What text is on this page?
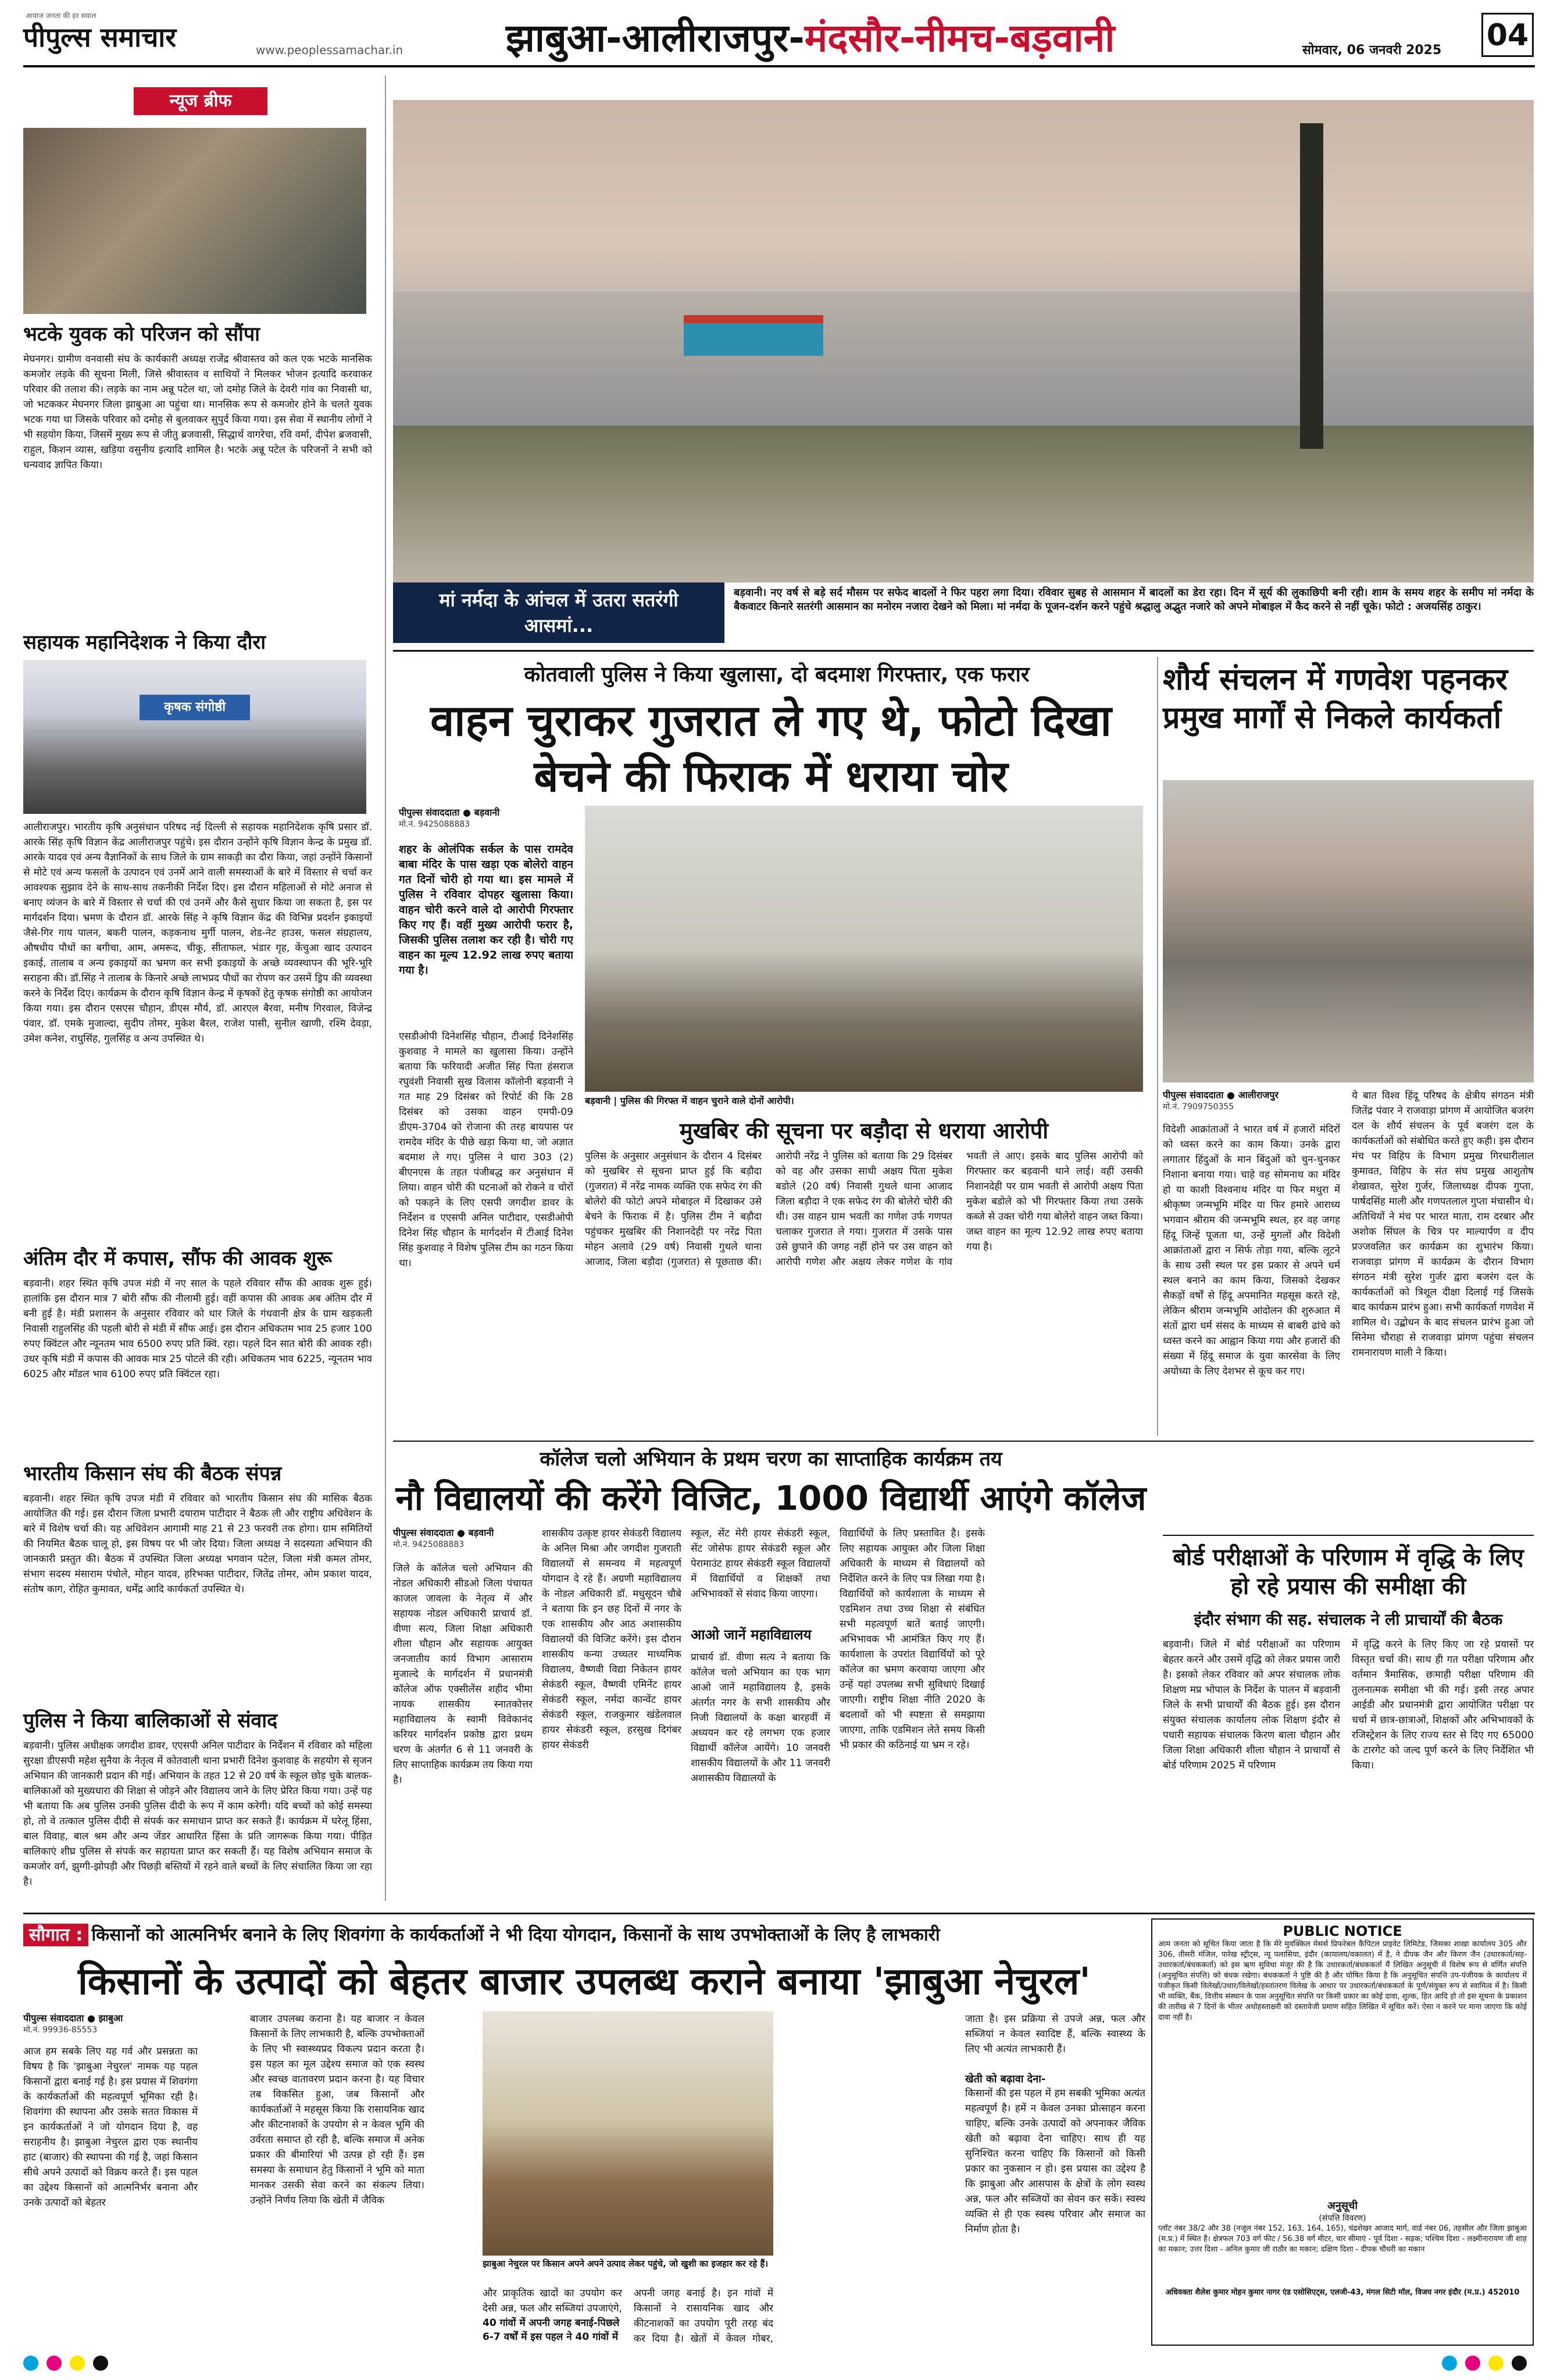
आवाज जनता की हर सवाल
पीपुल्स समाचार	www.peoplessamachar.in	झाबुआ-आलीराजपुर-मंदसौर-नीमच-बड़वानी	सोमवार, 06 जनवरी 2025 04
न्यूज ब्रीफ
भटके युवक को परिजन को सौंपा
मेघनगर। ग्रामीण वनवासी संघ के कार्यकारी अध्यक्ष राजेंद्र श्रीवास्तव को कल एक भटके मानसिक कमजोर लड़के की सूचना मिली, जिसे श्रीवास्तव व साथियों ने मिलकर भोजन इत्यादि करवाकर परिवार की तलाश की। लड़के का नाम अन्नू पटेल था, जो दमोह जिले के देवरी गांव का निवासी था, जो भटककर मेघनगर जिला झाबुआ आ पहुंचा था। मानसिक रूप से कमजोर होने के चलते युवक भटक गया था जिसके परिवार को दमोह से बुलवाकर सुपुर्द किया गया। इस सेवा में स्थानीय लोगों ने भी सहयोग किया, जिसमें मुख्य रूप से जीतु ब्रजवासी, सिद्धार्थ वागरेचा, रवि वर्मा, दीपेश ब्रजवासी, राहुल, किशन व्यास, खड़िया वसुनीय इत्यादि शामिल है। भटके अन्नू पटेल के परिजनों ने सभी को धन्यवाद ज्ञापित किया।
सहायक महानिदेशक ने किया दौरा
कृषक संगोष्ठी
आलीराजपुर। भारतीय कृषि अनुसंधान परिषद नई दिल्ली से सहायक महानिदेशक कृषि प्रसार डॉ. आरके सिंह कृषि विज्ञान केंद्र आलीराजपुर पहुंचे। इस दौरान उन्होंने कृषि विज्ञान केन्द्र के प्रमुख डॉ. आरके यादव एवं अन्य वैज्ञानिकों के साथ जिले के ग्राम साकड़ी का दौरा किया, जहां उन्होंने किसानों से मोटे एवं अन्य फसलों के उत्पादन एवं उनमें आने वाली समस्याओं के बारे में विस्तार से चर्चा कर आवश्यक सुझाव देने के साथ-साथ तकनीकी निर्देश दिए। इस दौरान महिलाओं से मोटे अनाज से बनाए व्यंजन के बारे में विस्तार से चर्चा की एवं उनमें और कैसे सुधार किया जा सकता है, इस पर मार्गदर्शन दिया। भ्रमण के दौरान डॉ. आरके सिंह ने कृषि विज्ञान केंद्र की विभिन्न प्रदर्शन इकाइयों जैसे-गिर गाय पालन, बकरी पालन, कड़कनाथ मुर्गी पालन, शेड-नेट हाउस, फसल संग्रहालय, औषधीय पौधों का बगीचा, आम, अमरूद, चीकू, सीताफल, भंडार गृह, केंचुआ खाद उत्पादन इकाई, तालाब व अन्य इकाइयों का भ्रमण कर सभी इकाइयों के अच्छे व्यवस्थापन की भूरि-भूरि सराहना की। डॉ.सिंह ने तालाब के किनारे अच्छे लाभप्रद पौधों का रोपण कर उसमें ड्रिप की व्यवस्था करने के निर्देश दिए। कार्यक्रम के दौरान कृषि विज्ञान केन्द्र में कृषकों हेतु कृषक संगोष्ठी का आयोजन किया गया। इस दौरान एसएस चौहान, डीएस मौर्य, डॉ. आरएल बैरवा, मनीष गिरवाल, विजेन्द्र पंवार, डॉ. एमके मुजाल्दा, सुदीप तोमर, मुकेश बैरल, राजेश पासी, सुनील खाणी, रश्मि देवड़ा, उमेश कनेश, राधुसिंह, गुलसिंह व अन्य उपस्थित थे।
अंतिम दौर में कपास, सौंफ की आवक शुरू
बड़वानी। शहर स्थित कृषि उपज मंडी में नए साल के पहले रविवार सौंफ की आवक शुरू हुई। हालांकि इस दौरान मात्र 7 बोरी सौंफ की नीलामी हुई। वहीं कपास की आवक अब अंतिम दौर में बनी हुई है। मंडी प्रशासन के अनुसार रविवार को धार जिले के गंधवानी क्षेत्र के ग्राम खड़कली निवासी राहुलसिंह की पहली बोरी से मंडी में सौंफ आई। इस दौरान अधिकतम भाव 25 हजार 100 रुपए क्विंटल और न्यूनतम भाव 6500 रुपए प्रति क्विं. रहा। पहले दिन सात बोरी की आवक रही। उधर कृषि मंडी में कपास की आवक मात्र 25 पोटले की रही। अधिकतम भाव 6225, न्यूनतम भाव 6025 और मॉडल भाव 6100 रुपए प्रति क्विंटल रहा।
भारतीय किसान संघ की बैठक संपन्न
बड़वानी। शहर स्थित कृषि उपज मंडी में रविवार को भारतीय किसान संघ की मासिक बैठक आयोजित की गई। इस दौरान जिला प्रभारी दयाराम पाटीदार ने बैठक ली और राष्ट्रीय अधिवेशन के बारे में विशेष चर्चा की। यह अधिवेशन आगामी माह 21 से 23 फरवरी तक होगा। ग्राम समितियों की नियमित बैठक चालू हो, इस विषय पर भी जोर दिया। जिला अध्यक्ष ने सदस्यता अभियान की जानकारी प्रस्तुत की। बैठक में उपस्थित जिला अध्यक्ष भगवान पटेल, जिला मंत्री कमल तोमर, संभाग सदस्य मंसाराम पंचोले, मोहन यादव, हरिभक्त पाटीदार, जितेंद्र तोमर, ओम प्रकाश यादव, संतोष काग, रोहित कुमावत, धर्मेंद्र आदि कार्यकर्ता उपस्थित थे।
पुलिस ने किया बालिकाओं से संवाद
बड़वानी। पुलिस अधीक्षक जगदीश डावर, एएसपी अनिल पाटीदार के निर्देशन में रविवार को महिला सुरक्षा डीएसपी महेश सुनैया के नेतृत्व में कोतवाली थाना प्रभारी दिनेश कुशवाह के सहयोग से सृजन अभियान की जानकारी प्रदान की गई। अभियान के तहत 12 से 20 वर्ष के स्कूल छोड़ चुके बालक-बालिकाओं को मुख्यधारा की शिक्षा से जोड़ने और विद्यालय जाने के लिए प्रेरित किया गया। उन्हें यह भी बताया कि अब पुलिस उनकी पुलिस दीदी के रूप में काम करेगी। यदि बच्चों को कोई समस्या हो, तो वे तत्काल पुलिस दीदी से संपर्क कर समाधान प्राप्त कर सकते हैं। कार्यक्रम में घरेलू हिंसा, बाल विवाह, बाल श्रम और अन्य जेंडर आधारित हिंसा के प्रति जागरूक किया गया। पीड़ित बालिकाएं शीघ्र पुलिस से संपर्क कर सहायता प्राप्त कर सकती हैं। यह विशेष अभियान समाज के कमजोर वर्ग, झुग्गी-झोपड़ी और पिछड़ी बस्तियों में रहने वाले बच्चों के लिए संचालित किया जा रहा है।
मां नर्मदा के आंचल में उतरा सतरंगी आसमां...
बड़वानी। नए वर्ष से बड़े सर्द मौसम पर सफेद बादलों ने फिर पहरा लगा दिया। रविवार सुबह से आसमान में बादलों का डेरा रहा। दिन में सूर्य की लुकाछिपी बनी रही। शाम के समय शहर के समीप मां नर्मदा के बैकवाटर किनारे सतरंगी आसमान का मनोरम नजारा देखने को मिला। मां नर्मदा के पूजन-दर्शन करने पहुंचे श्रद्धालु अद्भुत नजारे को अपने मोबाइल में कैद करने से नहीं चूके। फोटो : अजयसिंह ठाकुर।
कोतवाली पुलिस ने किया खुलासा, दो बदमाश गिरफ्तार, एक फरार
वाहन चुराकर गुजरात ले गए थे, फोटो दिखा बेचने की फिराक में धराया चोर
पीपुल्स संवाददाता ● बड़वानी
मो.नं. 9425088883
शहर के ओलंपिक सर्कल के पास रामदेव बाबा मंदिर के पास खड़ा एक बोलेरो वाहन गत दिनों चोरी हो गया था। इस मामले में पुलिस ने रविवार दोपहर खुलासा किया। वाहन चोरी करने वाले दो आरोपी गिरफ्तार किए गए हैं। वहीं मुख्य आरोपी फरार है, जिसकी पुलिस तलाश कर रही है। चोरी गए वाहन का मूल्य 12.92 लाख रुपए बताया गया है।
एसडीओपी दिनेशसिंह चौहान, टीआई दिनेशसिंह कुशवाह ने मामले का खुलासा किया। उन्होंने बताया कि फरियादी अजीत सिंह पिता हंसराज रघुवंशी निवासी सुख विलास कॉलोनी बड़वानी ने गत माह 29 दिसंबर को रिपोर्ट की कि 28 दिसंबर को उसका वाहन एमपी-09 डीएम-3704 को रोजाना की तरह बायपास पर रामदेव मंदिर के पीछे खड़ा किया था, जो अज्ञात बदमाश ले गए। पुलिस ने धारा 303 (2) बीएनएस के तहत पंजीबद्ध कर अनुसंधान में लिया। वाहन चोरी की घटनाओं को रोकने व चोरों को पकड़ने के लिए एसपी जगदीश डावर के निर्देशन व एएसपी अनिल पाटीदार, एसडीओपी दिनेश सिंह चौहान के मार्गदर्शन में टीआई दिनेश सिंह कुशवाह ने विशेष पुलिस टीम का गठन किया था।
बड़वानी | पुलिस की गिरफ्त में वाहन चुराने वाले दोनों आरोपी।
मुखबिर की सूचना पर बड़ौदा से धराया आरोपी
पुलिस के अनुसार अनुसंधान के दौरान 4 दिसंबर को मुखबिर से सूचना प्राप्त हुई कि बड़ौदा (गुजरात) में नरेंद्र नामक व्यक्ति एक सफेद रंग की बोलेरो की फोटो अपने मोबाइल में दिखाकर उसे बेचने के फिराक में है। पुलिस टीम ने बड़ौदा पहुंचकर मुखबिर की निशानदेही पर नरेंद्र पिता मोहन अलावे (29 वर्ष) निवासी गुथले थाना आजाद, जिला बड़ौदा (गुजरात) से पूछताछ की। आरोपी नरेंद्र ने पुलिस को बताया कि 29 दिसंबर को वह और उसका साथी अक्षय पिता मुकेश बडोले (20 वर्ष) निवासी गुथले थाना आजाद जिला बड़ौदा ने एक सफेद रंग की बोलेरो चोरी की थी। उस वाहन ग्राम भवती का गणेश उर्फ गणपत चलाकर गुजरात ले गया। गुजरात में उसके पास उसे छुपाने की जगह नहीं होने पर उस वाहन को आरोपी गणेश और अक्षय लेकर गणेश के गांव भवती ले आए। इसके बाद पुलिस आरोपी को गिरफ्तार कर बड़वानी थाने लाई। वहीं उसकी निशानदेही पर ग्राम भवती से आरोपी अक्षय पिता मुकेश बडोले को भी गिरफ्तार किया तथा उसके कब्जे से उक्त चोरी गया बोलेरो वाहन जब्त किया। जब्त वाहन का मूल्य 12.92 लाख रुपए बताया गया है।
शौर्य संचलन में गणवेश पहनकर प्रमुख मार्गों से निकले कार्यकर्ता
पीपुल्स संवाददाता ● आलीराजपुर
मो.नं. 7909750355
विदेशी आक्रांताओं ने भारत वर्ष में हजारों मंदिरों को ध्वस्त करने का काम किया। उनके द्वारा लगातार हिंदुओं के मान बिंदुओं को चुन-चुनकर निशाना बनाया गया। चाहे वह सोमनाथ का मंदिर हो या काशी विश्वनाथ मंदिर या फिर मथुरा में श्रीकृष्ण जन्मभूमि मंदिर या फिर हमारे आराध्य भगवान श्रीराम की जन्मभूमि स्थल, हर वह जगह हिंदू जिन्हें पूजता था, उन्हें मुगलों और विदेशी आक्रांताओं द्वारा न सिर्फ तोड़ा गया, बल्कि लूटने के साथ उसी स्थल पर इस प्रकार से अपने धर्म स्थल बनाने का काम किया, जिसको देखकर सैकड़ों वर्षों से हिंदू अपमानित महसूस करते रहे, लेकिन श्रीराम जन्मभूमि आंदोलन की शुरुआत में संतों द्वारा धर्म संसद के माध्यम से बाबरी ढांचे को ध्वस्त करने का आह्वान किया गया और हजारों की संख्या में हिंदू समाज के युवा कारसेवा के लिए अयोध्या के लिए देशभर से कूच कर गए।
ये बात विश्व हिंदू परिषद के क्षेत्रीय संगठन मंत्री जितेंद्र पंवार ने राजवाड़ा प्रांगण में आयोजित बजरंग दल के शौर्य संचलन के पूर्व बजरंग दल के कार्यकर्ताओं को संबोधित करते हुए कही। इस दौरान मंच पर विहिप के विभाग प्रमुख गिरधारीलाल कुमावत, विहिप के संत संघ प्रमुख आशुतोष शेखावत, सुरेश गुर्जर, जिलाध्यक्ष दीपक गुप्ता, पार्षदसिंह माली और गणपतलाल गुप्ता मंचासीन थे। अतिथियों ने मंच पर भारत माता, राम दरबार और अशोक सिंघल के चित्र पर माल्यार्पण व दीप प्रज्जवलित कर कार्यक्रम का शुभारंभ किया। राजवाड़ा प्रांगण में कार्यक्रम के दौरान विभाग संगठन मंत्री सुरेश गुर्जर द्वारा बजरंग दल के कार्यकर्ताओं को त्रिशूल दीक्षा दिलाई गई जिसके बाद कार्यक्रम प्रारंभ हुआ। सभी कार्यकर्ता गणवेश में शामिल थे। उद्बोधन के बाद संचलन प्रारंभ हुआ जो सिनेमा चौराहा से राजवाड़ा प्रांगण पहुंचा संचलन रामनारायण माली ने किया।
कॉलेज चलो अभियान के प्रथम चरण का साप्ताहिक कार्यक्रम तय
नौ विद्यालयों की करेंगे विजिट, 1000 विद्यार्थी आएंगे कॉलेज
पीपुल्स संवाददाता ● बड़वानी
मो.नं. 9425088883
जिले के कॉलेज चलो अभियान की नोडल अधिकारी सीडओ जिला पंचायत काजल जावला के नेतृत्व में और सहायक नोडल अधिकारी प्राचार्य डॉ. वीणा सत्य, जिला शिक्षा अधिकारी शीला चौहान और सहायक आयुक्त जनजातीय कार्य विभाग आसाराम मुजाल्दे के मार्गदर्शन में प्रधानमंत्री कॉलेज ऑफ एक्सीलेंस शहीद भीमा नायक शासकीय स्नातकोत्तर महाविद्यालय के स्वामी विवेकानंद करियर मार्गदर्शन प्रकोष्ठ द्वारा प्रथम चरण के अंतर्गत 6 से 11 जनवरी के लिए साप्ताहिक कार्यक्रम तय किया गया है।
शासकीय उत्कृष्ट हायर सेकंडरी विद्यालय के अनिल मिश्रा और जगदीश गुजराती विद्यालयों से समन्वय में महत्वपूर्ण योगदान दे रहे हैं। अग्रणी महाविद्यालय के नोडल अधिकारी डॉ. मधुसूदन चौबे ने बताया कि इन छह दिनों में नगर के एक शासकीय और आठ अशासकीय विद्यालयों की विजिट करेंगे। इस दौरान शासकीय कन्या उच्चतर माध्यमिक विद्यालय, वैष्णवी विद्या निकेतन हायर सेकंडरी स्कूल, वैष्णवी एमिनेंट हायर सेकंडरी स्कूल, नर्मदा कान्वेंट हायर सेकंडरी स्कूल, राजकुमार खंडेलवाल हायर सेकंडरी स्कूल, हरसुख दिगंबर हायर सेकंडरी
स्कूल, सेंट मेरी हायर सेकंडरी स्कूल, सेंट जोसेफ हायर सेकंडरी स्कूल और पेरामाउंट हायर सेकंडरी स्कूल विद्यालयों में विद्यार्थियों व शिक्षकों तथा अभिभावकों से संवाद किया जाएगा।
आओ जानें महाविद्यालय
प्राचार्य डॉ. वीणा सत्य ने बताया कि कॉलेज चलो अभियान का एक भाग आओ जानें महाविद्यालय है, इसके अंतर्गत नगर के सभी शासकीय और निजी विद्यालयों के कक्षा बारहवीं में अध्ययन कर रहे लगभग एक हजार विद्यार्थी कॉलेज आयेंगे। 10 जनवरी शासकीय विद्यालयों के और 11 जनवरी अशासकीय विद्यालयों के
विद्यार्थियों के लिए प्रस्तावित है। इसके लिए सहायक आयुक्त और जिला शिक्षा अधिकारी के माध्यम से विद्यालयों को निर्देशित करने के लिए पत्र लिखा गया है। विद्यार्थियों को कार्यशाला के माध्यम से एडमिशन तथा उच्च शिक्षा से संबंधित सभी महत्वपूर्ण बातें बताई जाएगी। अभिभावक भी आमंत्रित किए गए हैं। कार्यशाला के उपरांत विद्यार्थियों को पूरे कॉलेज का भ्रमण करवाया जाएगा और उन्हें यहां उपलब्ध सभी सुविधाएं दिखाई जाएगी। राष्ट्रीय शिक्षा नीति 2020 के बदलावों को भी स्पष्टता से समझाया जाएगा, ताकि एडमिशन लेते समय किसी भी प्रकार की कठिनाई या भ्रम न रहे।
बोर्ड परीक्षाओं के परिणाम में वृद्धि के लिए हो रहे प्रयास की समीक्षा की
इंदौर संभाग की सह. संचालक ने ली प्राचार्यों की बैठक
बड़वानी। जिले में बोर्ड परीक्षाओं का परिणाम बेहतर करने और उसमें वृद्धि को लेकर प्रयास जारी है। इसको लेकर रविवार को अपर संचालक लोक शिक्षण मप्र भोपाल के निर्देश के पालन में बड़वानी जिले के सभी प्राचार्यों की बैठक हुई। इस दौरान संयुक्त संचालक कार्यालय लोक शिक्षण इंदौर से पधारी सहायक संचालक किरण बाला चौहान और जिला शिक्षा अधिकारी शीला चौहान ने प्राचार्यों से बोर्ड परिणाम 2025 में परिणाम
में वृद्धि करने के लिए किए जा रहे प्रयासों पर विस्तृत चर्चा की। साथ ही गत परीक्षा परिणाम और वर्तमान त्रैमासिक, छःमाही परीक्षा परिणाम की तुलनात्मक समीक्षा भी की गई। इसी तरह अपार आईडी और प्रधानमंत्री द्वारा आयोजित परीक्षा पर चर्चा में छात्र-छात्राओं, शिक्षकों और अभिभावकों के रजिस्ट्रेशन के लिए राज्य स्तर से दिए गए 65000 के टारगेट को जल्द पूर्ण करने के लिए निर्देशित भी किया।
सौगात : किसानों को आत्मनिर्भर बनाने के लिए शिवगंगा के कार्यकर्ताओं ने भी दिया योगदान, किसानों के साथ उपभोक्ताओं के लिए है लाभकारी
किसानों के उत्पादों को बेहतर बाजार उपलब्ध कराने बनाया 'झाबुआ नेचुरल'
पीपुल्स संवाददाता ● झाबुआ
मो.नं. 99936-85553
आज हम सबके लिए यह गर्व और प्रसन्नता का विषय है कि 'झाबुआ नेचुरल' नामक यह पहल किसानों द्वारा बनाई गई है। इस प्रयास में शिवगंगा के कार्यकर्ताओं की महत्वपूर्ण भूमिका रही है। शिवगंगा की स्थापना और उसके सतत विकास में इन कार्यकर्ताओं ने जो योगदान दिया है, वह सराहनीय है। झाबुआ नेचुरल द्वारा एक स्थानीय हाट (बाजार) की स्थापना की गई है, जहां किसान सीधे अपने उत्पादों को विक्रय करते हैं। इस पहल का उद्देश्य किसानों को आत्मनिर्भर बनाना और उनके उत्पादों को बेहतर
बाजार उपलब्ध कराना है। यह बाजार न केवल किसानों के लिए लाभकारी है, बल्कि उपभोक्ताओं के लिए भी स्वास्थ्यप्रद विकल्प प्रदान करता है। इस पहल का मूल उद्देश्य समाज को एक स्वस्थ और स्वच्छ वातावरण प्रदान करना है। यह विचार तब विकसित हुआ, जब किसानों और कार्यकर्ताओं ने महसूस किया कि रासायनिक खाद और कीटनाशकों के उपयोग से न केवल भूमि की उर्वरता समाप्त हो रही है, बल्कि समाज में अनेक प्रकार की बीमारियां भी उत्पन्न हो रही हैं। इस समस्या के समाधान हेतु किसानों ने भूमि को माता मानकर उसकी सेवा करने का संकल्प लिया। उन्होंने निर्णय लिया कि खेती में जैविक
झाबुआ नेचुरल पर किसान अपने अपने उत्पाद लेकर पहुंचे, जो खुशी का इजहार कर रहे हैं।
और प्राकृतिक खादों का उपयोग कर देसी अन्न, फल और सब्जियां उपजाएंगे,
40 गांवों में अपनी जगह बनाई-पिछले 6-7 वर्षों में इस पहल ने 40 गांवों में
अपनी जगह बनाई है। इन गांवों में किसानों ने रासायनिक खाद और कीटनाशकों का उपयोग पूरी तरह बंद कर दिया है। खेतों में केवल गोबर,
जाता है। इस प्रक्रिया से उपजे अन्न, फल और सब्जियां न केवल स्वादिष्ट हैं, बल्कि स्वास्थ्य के लिए भी अत्यंत लाभकारी हैं।
खेती को बढ़ावा देना-
किसानों की इस पहल में हम सबकी भूमिका अत्यंत महत्वपूर्ण है। हमें न केवल उनका प्रोत्साहन करना चाहिए, बल्कि उनके उत्पादों को अपनाकर जैविक खेती को बढ़ावा देना चाहिए। साथ ही यह सुनिश्चित करना चाहिए कि किसानों को किसी प्रकार का नुकसान न हो। इस प्रयास का उद्देश्य है कि झाबुआ और आसपास के क्षेत्रों के लोग स्वस्थ अन्न, फल और सब्जियों का सेवन कर सकें। स्वस्थ व्यक्ति से ही एक स्वस्थ परिवार और समाज का निर्माण होता है।
PUBLIC NOTICE
आम जनता को सूचित किया जाता है कि मेरे मुवक्किल मेसर्स प्रिफरेबल कैपिटल प्राइवेट लिमिटेड, जिसका शाखा कार्यालय 305 और 306, तीसरी मंजिल, पारेख स्ट्रीट्स, न्यू पलासिया, इंदौर (कायालय/वकालत) में है, ने दीपक जैन और किरण जैन (उधारकर्ता/सह-उधारकर्ता/बंधककर्ता) को इस ऋण सुविधा मंजूर की है कि उधारकर्ता/बंधककर्ता मैं लिखित अनुसूची में विशेष रूप से वर्णित संपत्ति (अनुसूचित संपत्ति) को बंधक रखेगा। बंधककर्ता ने पुष्टि की है और घोषित किया है कि अनुसूचित संपत्ति उप-पंजीयक के कार्यालय में पंजीकृत किसी विलेखों/उधार/विलेखों/हस्तांतरण विलेख के आधार पर उधारकर्ता/बंधककर्ता के पूर्ण/संयुक्त रूप से स्वामित्व में है। किसी भी व्यक्ति, बैंक, वित्तीय संस्थान के पास अनुसूचित संपत्ति पर किसी प्रकार का कोई दावा, शुल्क, हित आदि हो तो इस सूचना के प्रकाशन की तारीख से 7 दिनों के भीतर अधोहस्ताक्षरी को दस्तावेजी प्रमाण सहित लिखित में सूचित करें। ऐसा न करने पर माना जाएगा कि कोई दावा नहीं है।
अनुसूची
(संपत्ति विवरण)
प्लॉट नंबर 38/2 और 38 (नजूल नंबर 152, 163, 164, 165), चंद्रशेखर आजाद मार्ग, वार्ड नंबर 06, तहसील और जिला झाबुआ (म.प्र.) में स्थित है। क्षेत्रफल 703 वर्ग फीट / 56.38 वर्ग मीटर, चार सीमाएं - पूर्व दिशा - सड़क; पश्चिम दिशा - लक्ष्मीनारायण जी शाह का मकान; उत्तर दिशा - अनिल कुमार जी राठौर का मकान; दक्षिण दिशा - दीपक चौधरी का मकान
अधिवक्ता शैलेश कुमार मोहन कुमार नागर एंड एसोसिएट्स, एलजी-43, मंगल सिटी मॉल, विजय नगर इंदौर (म.प्र.) 452010
